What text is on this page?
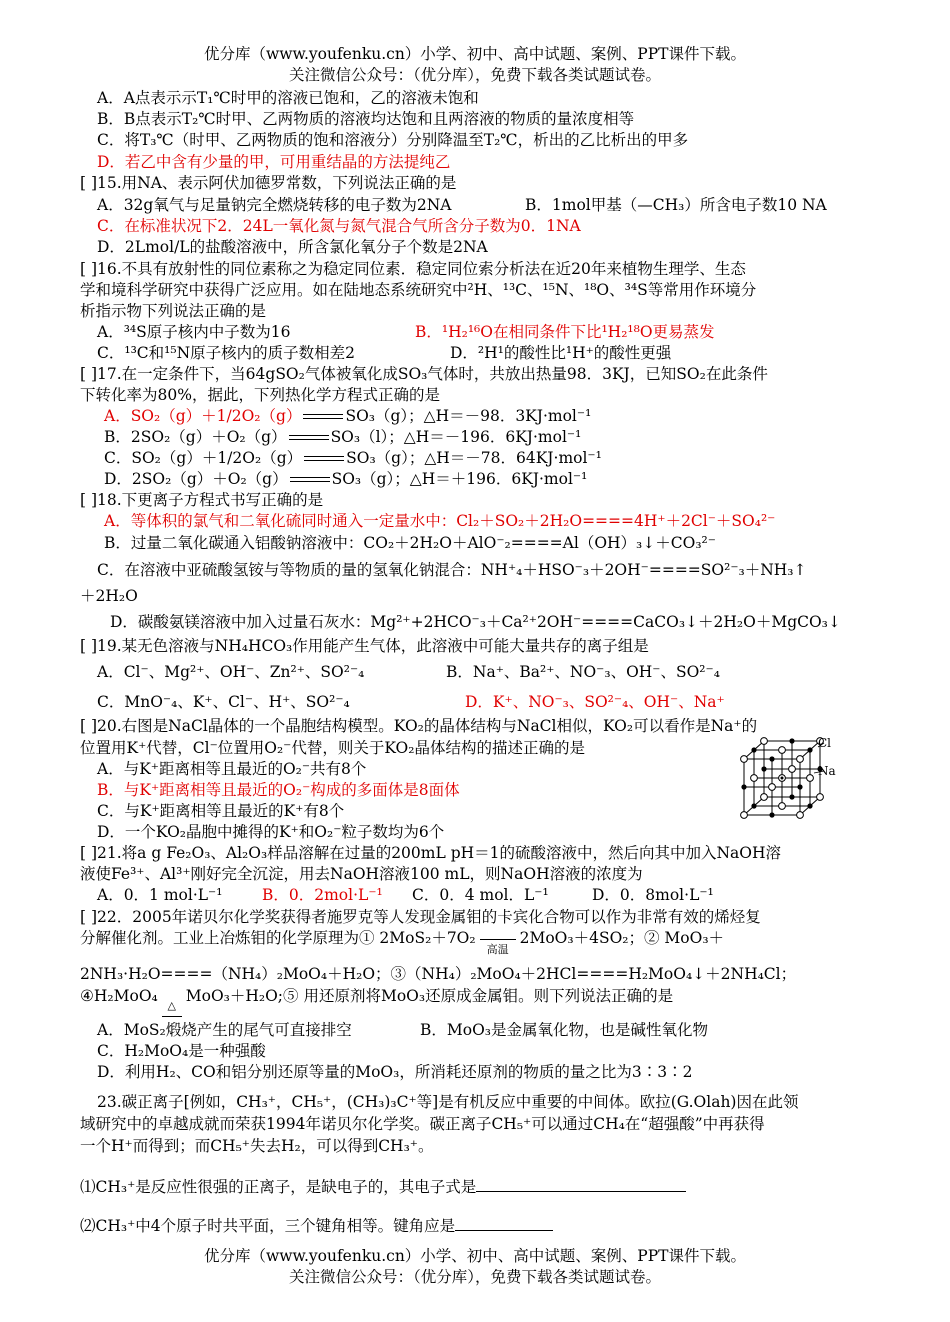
优分库（www.youfenku.cn）小学、初中、高中试题、案例、PPT课件下载。
关注微信公众号：（优分库），免费下载各类试题试卷。
A．A点表示示T₁℃时甲的溶液已饱和，乙的溶液未饱和
B．B点表示T₂℃时甲、乙两物质的溶液均达饱和且两溶液的物质的量浓度相等
C．将T₃℃（时甲、乙两物质的饱和溶液分）分别降温至T₂℃，析出的乙比析出的甲多
D．若乙中含有少量的甲，可用重结晶的方法提纯乙
[ ]15.用NA、表示阿伏加德罗常数，下列说法正确的是
A．32g氧气与足量钠完全燃烧转移的电子数为2NA	B．1mol甲基（—CH₃）所含电子数10 NA
C．在标准状况下2．24L一氧化氮与氮气混合气所含分子数为0．1NA
D．2Lmol/L的盐酸溶液中，所含氯化氧分子个数是2NA
[ ]16.不具有放射性的同位素称之为稳定同位素．稳定同位索分析法在近20年来植物生理学、生态
学和境科学研究中获得广泛应用。如在陆地态系统研究中²H、¹³C、¹⁵N、¹⁸O、³⁴S等常用作环境分
析指示物下列说法正确的是
A．³⁴S原子核内中子数为16	B．¹H₂¹⁶O在相同条件下比¹H₂¹⁸O更易蒸发
C．¹³C和¹⁵N原子核内的质子数相差2	D．²H¹的酸性比¹H⁺的酸性更强
[ ]17.在一定条件下，当64gSO₂气体被氧化成SO₃气体时，共放出热量98．3KJ，已知SO₂在此条件
下转化率为80%，据此，下列热化学方程式正确的是
A．SO₂（g）＋1/2O₂（g）	SO₃（g）；△H＝－98．3KJ·mol⁻¹
B．2SO₂（g）＋O₂（g）	SO₃（l）；△H＝－196．6KJ·mol⁻¹
C．SO₂（g）＋1/2O₂（g）	SO₃（g）；△H＝－78．64KJ·mol⁻¹
D．2SO₂（g）＋O₂（g）	SO₃（g）；△H＝＋196．6KJ·mol⁻¹
[ ]18.下更离子方程式书写正确的是
A．等体积的氯气和二氧化硫同时通入一定量水中：Cl₂＋SO₂＋2H₂O====4H⁺＋2Cl⁻＋SO₄²⁻
B．过量二氧化碳通入铝酸钠溶液中：CO₂＋2H₂O＋AlO⁻₂====Al（OH）₃↓＋CO₃²⁻
C．在溶液中亚硫酸氢铵与等物质的量的氢氧化钠混合：NH⁺₄＋HSO⁻₃＋2OH⁻====SO²⁻₃＋NH₃↑
＋2H₂O
D．碳酸氨镁溶液中加入过量石灰水：Mg²⁺+2HCO⁻₃＋Ca²⁺2OH⁻====CaCO₃↓＋2H₂O＋MgCO₃↓
[ ]19.某无色溶液与NH₄HCO₃作用能产生气体，此溶液中可能大量共存的离子组是
A．Cl⁻、Mg²⁺、OH⁻、Zn²⁺、SO²⁻₄	B．Na⁺、Ba²⁺、NO⁻₃、OH⁻、SO²⁻₄
C．MnO⁻₄、K⁺、Cl⁻、H⁺、SO²⁻₄	D．K⁺、NO⁻₃、SO²⁻₄、OH⁻、Na⁺
[ ]20.右图是NaCl晶体的一个晶胞结构模型。KO₂的晶体结构与NaCl相似，KO₂可以看作是Na⁺的
位置用K⁺代替，Cl⁻位置用O₂⁻代替，则关于KO₂晶体结构的描述正确的是
A．与K⁺距离相等且最近的O₂⁻共有8个
B．与K⁺距离相等且最近的O₂⁻构成的多面体是8面体
C．与K⁺距离相等且最近的K⁺有8个
D．一个KO₂晶胞中摊得的K⁺和O₂⁻粒子数均为6个
Cl
Na
[ ]21.将a g Fe₂O₃、Al₂O₃样品溶解在过量的200mL pH＝1的硫酸溶液中，然后向其中加入NaOH溶
液使Fe³⁺、Al³⁺刚好完全沉淀，用去NaOH溶液100 mL，则NaOH溶液的浓度为
A．0．1 mol·L⁻¹	B．0．2mol·L⁻¹ C．0．4 mol．L⁻¹	D．0．8mol·L⁻¹
[ ]22．2005年诺贝尔化学奖获得者施罗克等人发现金属钼的卡宾化合物可以作为非常有效的烯烃复
分解催化剂。工业上冶炼钼的化学原理为① 2MoS₂＋7O₂高温2MoO₃＋4SO₂；② MoO₃＋
2NH₃·H₂O====（NH₄）₂MoO₄＋H₂O；③（NH₄）₂MoO₄＋2HCl====H₂MoO₄↓＋2NH₄Cl；
④H₂MoO₄△MoO₃＋H₂O;⑤ 用还原剂将MoO₃还原成金属钼。则下列说法正确的是
A．MoS₂煅烧产生的尾气可直接排空	B．MoO₃是金属氧化物，也是碱性氧化物
C．H₂MoO₄是一种强酸
D．利用H₂、CO和铝分别还原等量的MoO₃，所消耗还原剂的物质的量之比为3∶3∶2
23.碳正离子[例如，CH₃⁺，CH₅⁺，(CH₃)₃C⁺等]是有机反应中重要的中间体。欧拉(G.Olah)因在此领
域研究中的卓越成就而荣获1994年诺贝尔化学奖。碳正离子CH₅⁺可以通过CH₄在“超强酸”中再获得
一个H⁺而得到；而CH₅⁺失去H₂，可以得到CH₃⁺。
⑴CH₃⁺是反应性很强的正离子，是缺电子的，其电子式是
⑵CH₃⁺中4个原子时共平面，三个键角相等。键角应是
优分库（www.youfenku.cn）小学、初中、高中试题、案例、PPT课件下载。
关注微信公众号：（优分库），免费下载各类试题试卷。
